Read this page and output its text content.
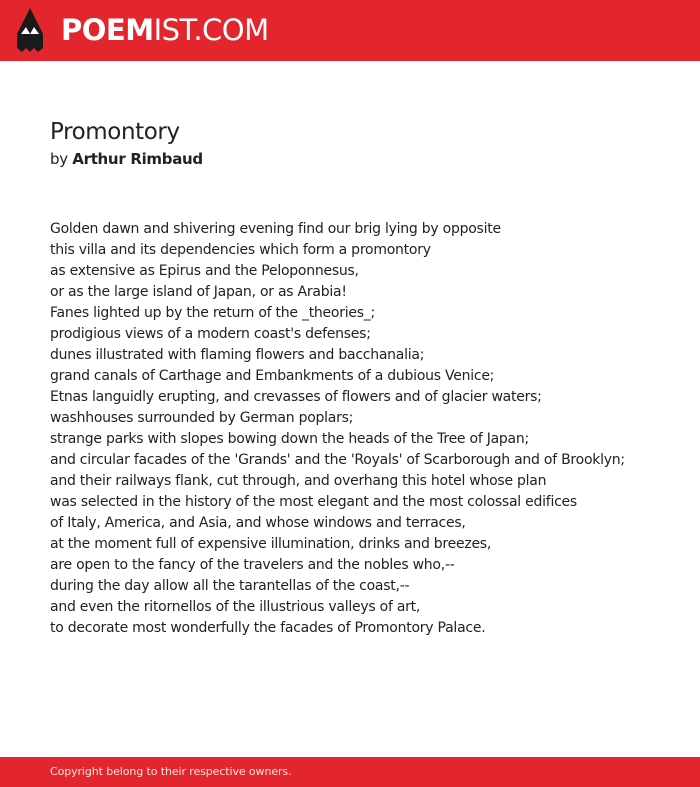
POEMIST.COM
Promontory
by Arthur Rimbaud
Golden dawn and shivering evening find our brig lying by opposite
this villa and its dependencies which form a promontory
as extensive as Epirus and the Peloponnesus,
or as the large island of Japan, or as Arabia!
Fanes lighted up by the return of the _theories_;
prodigious views of a modern coast's defenses;
dunes illustrated with flaming flowers and bacchanalia;
grand canals of Carthage and Embankments of a dubious Venice;
Etnas languidly erupting, and crevasses of flowers and of glacier waters;
washhouses surrounded by German poplars;
strange parks with slopes bowing down the heads of the Tree of Japan;
and circular facades of the 'Grands' and the 'Royals' of Scarborough and of Brooklyn;
and their railways flank, cut through, and overhang this hotel whose plan
was selected in the history of the most elegant and the most colossal edifices
of Italy, America, and Asia, and whose windows and terraces,
at the moment full of expensive illumination, drinks and breezes,
are open to the fancy of the travelers and the nobles who,--
during the day allow all the tarantellas of the coast,--
and even the ritornellos of the illustrious valleys of art,
to decorate most wonderfully the facades of Promontory Palace.
Copyright belong to their respective owners.
